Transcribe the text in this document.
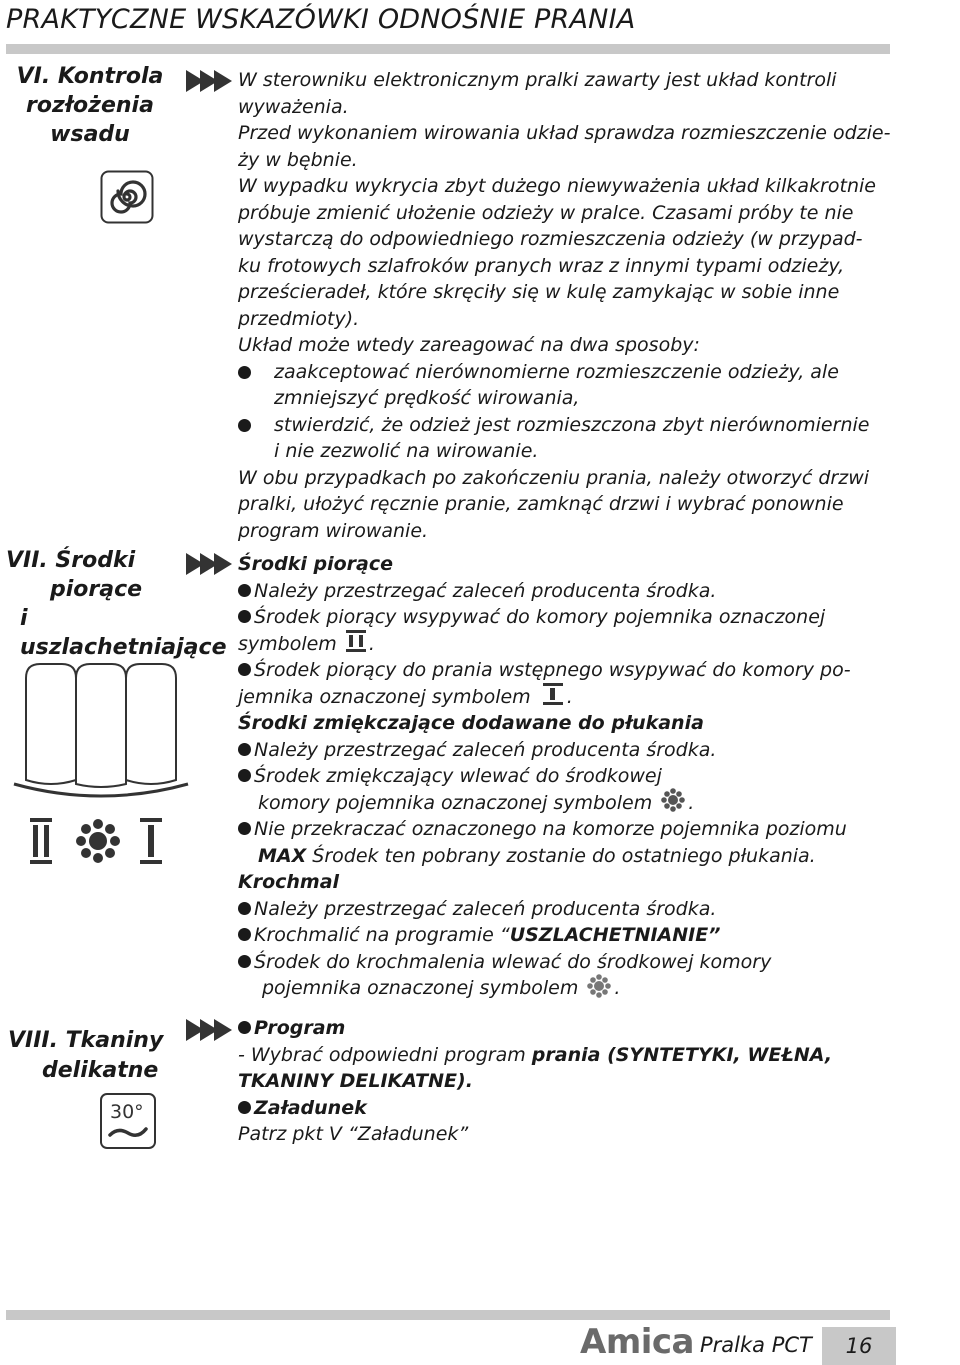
PRAKTYCZNE WSKAZÓWKI ODNOŚNIE PRANIA
VI. Kontrola
rozłożenia
wsadu
W sterowniku elektronicznym pralki zawarty jest układ kontroli
wyważenia.
Przed wykonaniem wirowania układ sprawdza rozmieszczenie odzie-
ży w bębnie.
W wypadku wykrycia zbyt dużego niewyważenia układ kilkakrotnie
próbuje zmienić ułożenie odzieży w pralce. Czasami próby te nie
wystarczą do odpowiedniego rozmieszczenia odzieży (w przypad-
ku frotowych szlafroków pranych wraz z innymi typami odzieży,
prześcieradeł, które skręciły się w kulę zamykając w sobie inne
przedmioty).
Układ może wtedy zareagować na dwa sposoby:
zaakceptować nierównomierne rozmieszczenie odzieży, ale
zmniejszyć prędkość wirowania,
stwierdzić, że odzież jest rozmieszczona zbyt nierównomiernie
i nie zezwolić na wirowanie.
W obu przypadkach po zakończeniu prania, należy otworzyć drzwi
pralki, ułożyć ręcznie pranie, zamknąć drzwi i wybrać ponownie
program wirowanie.
VII. Środki
piorące
i uszlachetniające
Środki piorące
Należy przestrzegać zaleceń producenta środka.
Środek piorący wsypywać do komory pojemnika oznaczonej
symbolem .
Środek piorący do prania wstępnego wsypywać do komory po-
jemnika oznaczonej symbolem .
Środki zmiękczające dodawane do płukania
Należy przestrzegać zaleceń producenta środka.
Środek zmiękczający wlewać do środkowej
komory pojemnika oznaczonej symbolem .
Nie przekraczać oznaczonego na komorze pojemnika poziomu
MAX Środek ten pobrany zostanie do ostatniego płukania.
Krochmal
Należy przestrzegać zaleceń producenta środka.
Krochmalić na programie “USZLACHETNIANIE”
Środek do krochmalenia wlewać do środkowej komory
pojemnika oznaczonej symbolem .
VIII. Tkaniny
delikatne
30°
Program
- Wybrać odpowiedni program prania (SYNTETYKI, WEŁNA,
TKANINY DELIKATNE).
Załadunek
Patrz pkt V “Załadunek”
Amica Pralka PCT	16
